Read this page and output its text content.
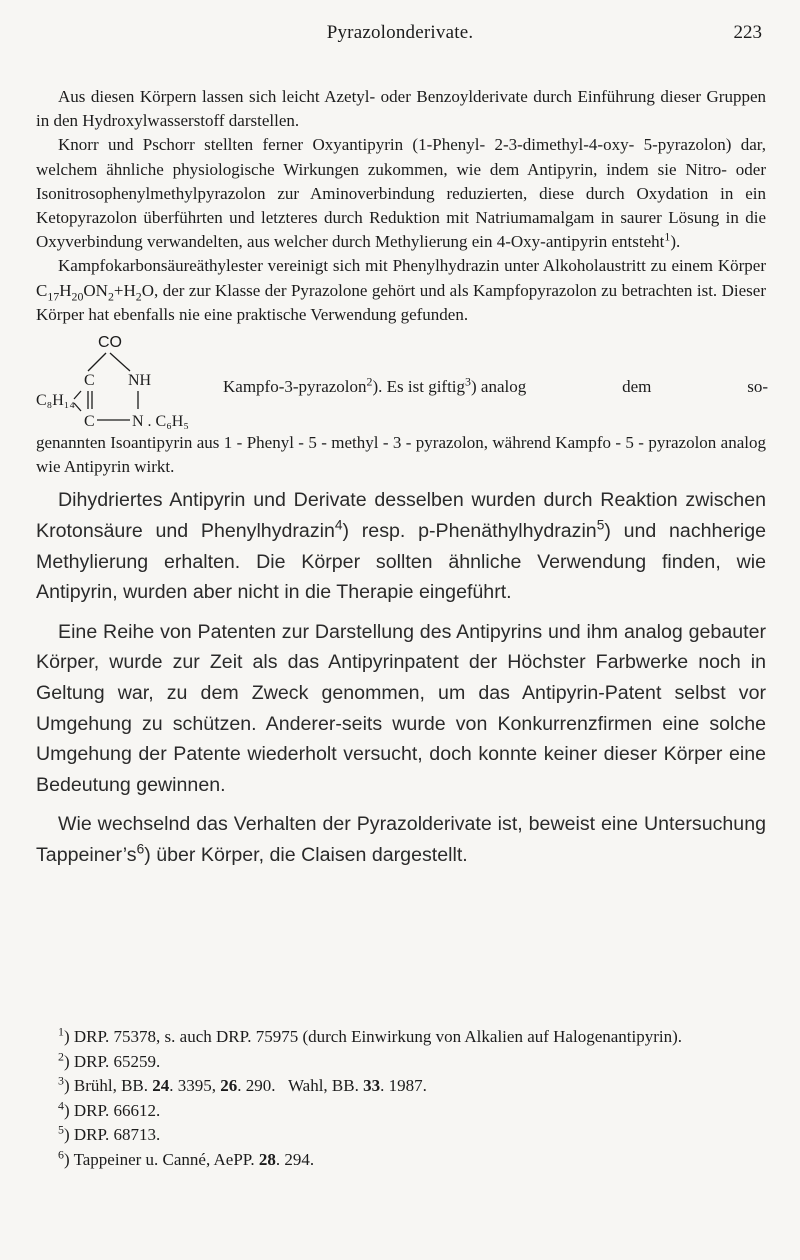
Pyrazolonderivate.	223

Aus diesen Körpern lassen sich leicht Azetyl- oder Benzoylderivate durch Einführung dieser Gruppen in den Hydroxylwasserstoff darstellen.

Knorr und Pschorr stellten ferner Oxyantipyrin (1-Phenyl- 2-3-dimethyl-4-oxy- 5-pyrazolon) dar, welchem ähnliche physiologische Wirkungen zukommen, wie dem Antipyrin, indem sie Nitro- oder Isonitrosophenylmethylpyrazolon zur Aminoverbindung reduzierten, diese durch Oxydation in ein Ketopyrazolon überführten und letzteres durch Reduktion mit Natriumamalgam in saurer Lösung in die Oxyverbindung verwandelten, aus welcher durch Methylierung ein 4-Oxy-antipyrin entsteht$^1$).

Kampfokarbonsäureäthylester vereinigt sich mit Phenylhydrazin unter Alkoholaustritt zu einem Körper $C_{17}H_{20}ON_2+H_2O$, der zur Klasse der Pyrazolone gehört und als Kampfopyrazolon zu betrachten ist. Dieser Körper hat ebenfalls nie eine praktische Verwendung gefunden.

CO
C NH
C₈H₁₄
C N . C₆H₅
Kampfo-3-pyrazolon$^2$). Es ist giftig$^3$) analog	dem	so-

genannten Isoantipyrin aus 1 - Phenyl - 5 - methyl - 3 - pyrazolon, während Kampfo - 5 - pyrazolon analog wie Antipyrin wirkt.

Dihydriertes Antipyrin und Derivate desselben wurden durch Reaktion zwischen Krotonsäure und Phenylhydrazin$^4$) resp. p-Phenäthylhydrazin$^5$) und nachherige Methylierung erhalten. Die Körper sollten ähnliche Verwendung finden, wie Antipyrin, wurden aber nicht in die Therapie eingeführt.

Eine Reihe von Patenten zur Darstellung des Antipyrins und ihm analog gebauter Körper, wurde zur Zeit als das Antipyrinpatent der Höchster Farbwerke noch in Geltung war, zu dem Zweck genommen, um das Antipyrin-Patent selbst vor Umgehung zu schützen. Anderer-seits wurde von Konkurrenzfirmen eine solche Umgehung der Patente wiederholt versucht, doch konnte keiner dieser Körper eine Bedeutung gewinnen.

Wie wechselnd das Verhalten der Pyrazolderivate ist, beweist eine Untersuchung $Tappeiner’s^6$) über Körper, die Claisen dargestellt.

$^1$) DRP. 75378, s. auch DRP. 75975 (durch Einwirkung von Alkalien auf Halogenantipyrin).

$^2$) DRP. 65259.

$^3$) Brühl, BB. 24. 3395, 26. 290.   Wahl, BB. 33. 1987.

$^4$) DRP. 66612.

$^5$) DRP. 68713.

$^6$) Tappeiner u. Canné, AePP. 28. 294.
